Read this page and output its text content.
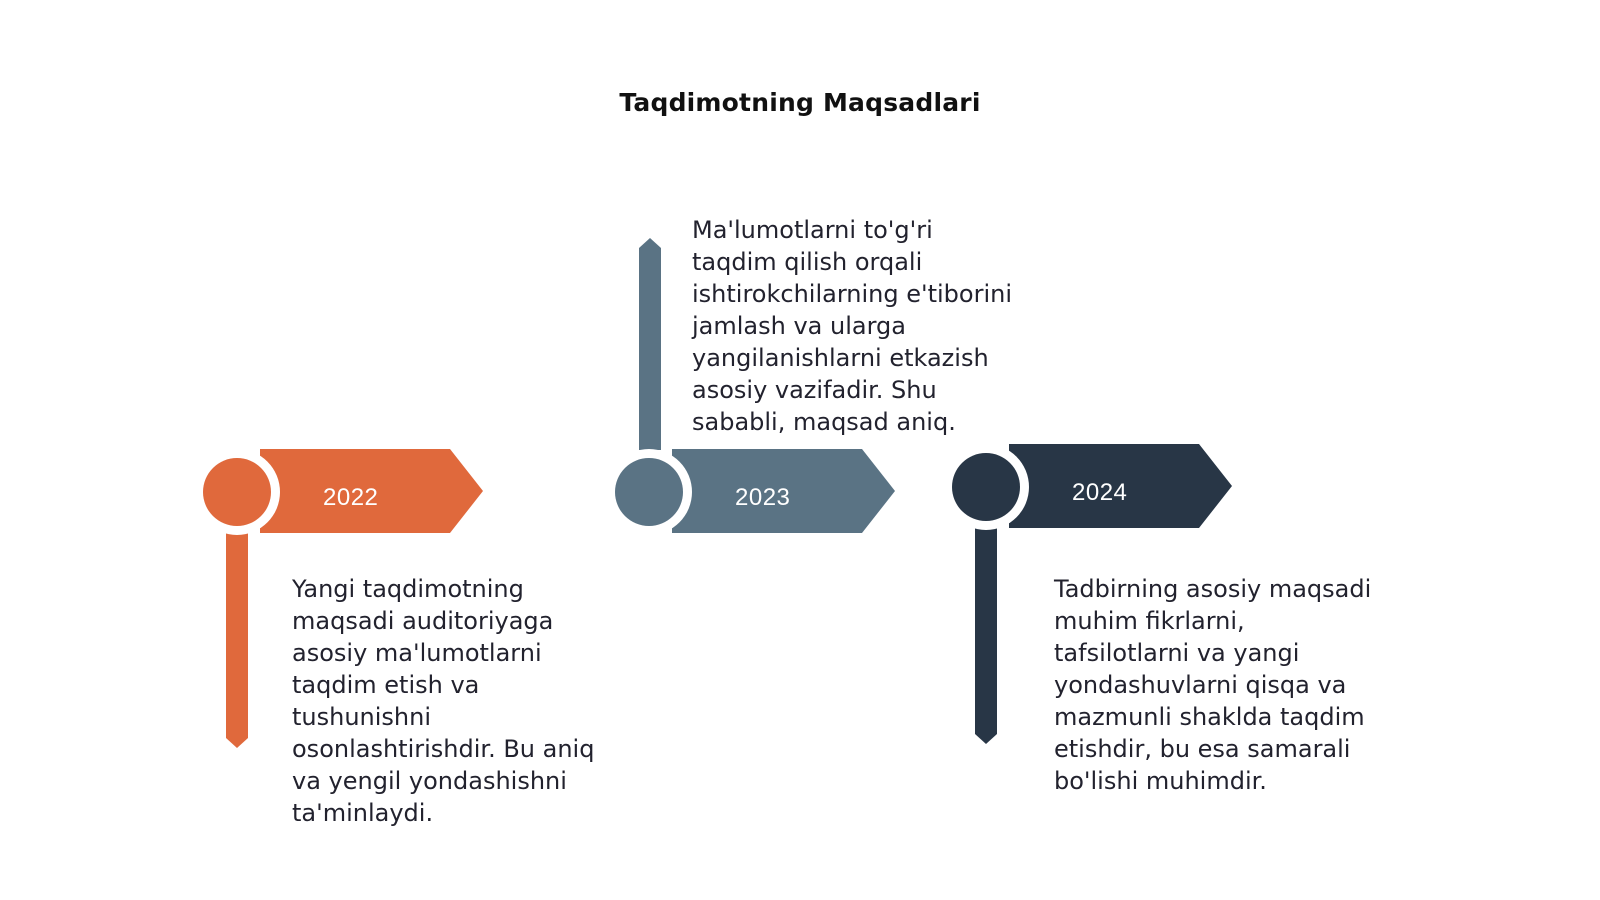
Taqdimotning Maqsadlari
2022
Yangi taqdimotning
maqsadi auditoriyaga
asosiy ma'lumotlarni
taqdim etish va
tushunishni
osonlashtirishdir. Bu aniq
va yengil yondashishni
ta'minlaydi.
2023
Ma'lumotlarni to'g'ri
taqdim qilish orqali
ishtirokchilarning e'tiborini
jamlash va ularga
yangilanishlarni etkazish
asosiy vazifadir. Shu
sababli, maqsad aniq.
2024
Tadbirning asosiy maqsadi
muhim fikrlarni,
tafsilotlarni va yangi
yondashuvlarni qisqa va
mazmunli shaklda taqdim
etishdir, bu esa samarali
bo'lishi muhimdir.
